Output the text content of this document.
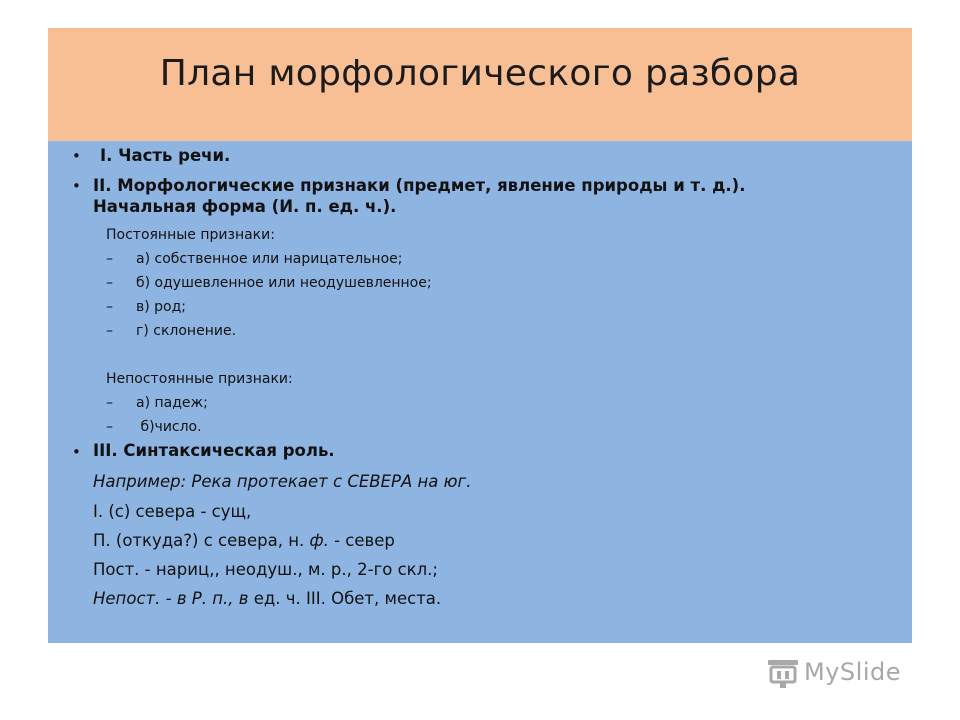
План морфологического разбора
• I. Часть речи.
• II. Морфологические признаки (предмет, явление природы и т. д.).
Начальная форма (И. п. ед. ч.).
Постоянные признаки:
– а) собственное или нарицательное;
– б) одушевленное или неодушевленное;
– в) род;
– г) склонение.
Непостоянные признаки:
– а) падеж;
– б)число.
• III. Синтаксическая роль.
Например: Река протекает с СЕВЕРА на юг.
I. (с) севера - сущ,
П. (откуда?) с севера, н. ф. - север
Пост. - нариц,, неодуш., м. р., 2-го скл.;
Непост. - в Р. п., в ед. ч. III. Обет, места.
MySlide
